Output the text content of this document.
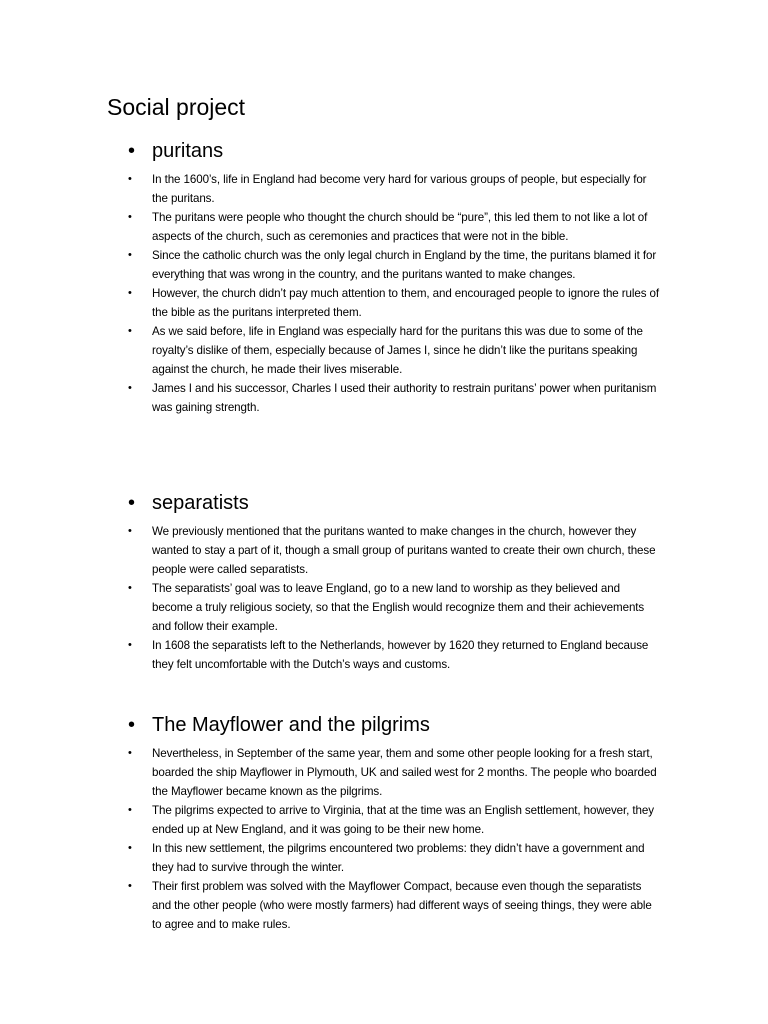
Social project
• puritans
• In the 1600’s, life in England had become very hard for various groups of people, but especially for the puritans.
• The puritans were people who thought the church should be “pure”, this led them to not like a lot of aspects of the church, such as ceremonies and practices that were not in the bible.
• Since the catholic church was the only legal church in England by the time, the puritans blamed it for everything that was wrong in the country, and the puritans wanted to make changes.
• However, the church didn’t pay much attention to them, and encouraged people to ignore the rules of the bible as the puritans interpreted them.
• As we said before, life in England was especially hard for the puritans this was due to some of the royalty’s dislike of them, especially because of James I, since he didn’t like the puritans speaking against the church, he made their lives miserable.
• James I and his successor, Charles I used their authority to restrain puritans’ power when puritanism was gaining strength.
• separatists
• We previously mentioned that the puritans wanted to make changes in the church, however they wanted to stay a part of it, though a small group of puritans wanted to create their own church, these people were called separatists.
• The separatists’ goal was to leave England, go to a new land to worship as they believed and become a truly religious society, so that the English would recognize them and their achievements and follow their example.
• In 1608 the separatists left to the Netherlands, however by 1620 they returned to England because they felt uncomfortable with the Dutch’s ways and customs.
• The Mayflower and the pilgrims
• Nevertheless, in September of the same year, them and some other people looking for a fresh start, boarded the ship Mayflower in Plymouth, UK and sailed west for 2 months. The people who boarded the Mayflower became known as the pilgrims.
• The pilgrims expected to arrive to Virginia, that at the time was an English settlement, however, they ended up at New England, and it was going to be their new home.
• In this new settlement, the pilgrims encountered two problems: they didn’t have a government and they had to survive through the winter.
• Their first problem was solved with the Mayflower Compact, because even though the separatists and the other people (who were mostly farmers) had different ways of seeing things, they were able to agree and to make rules.
